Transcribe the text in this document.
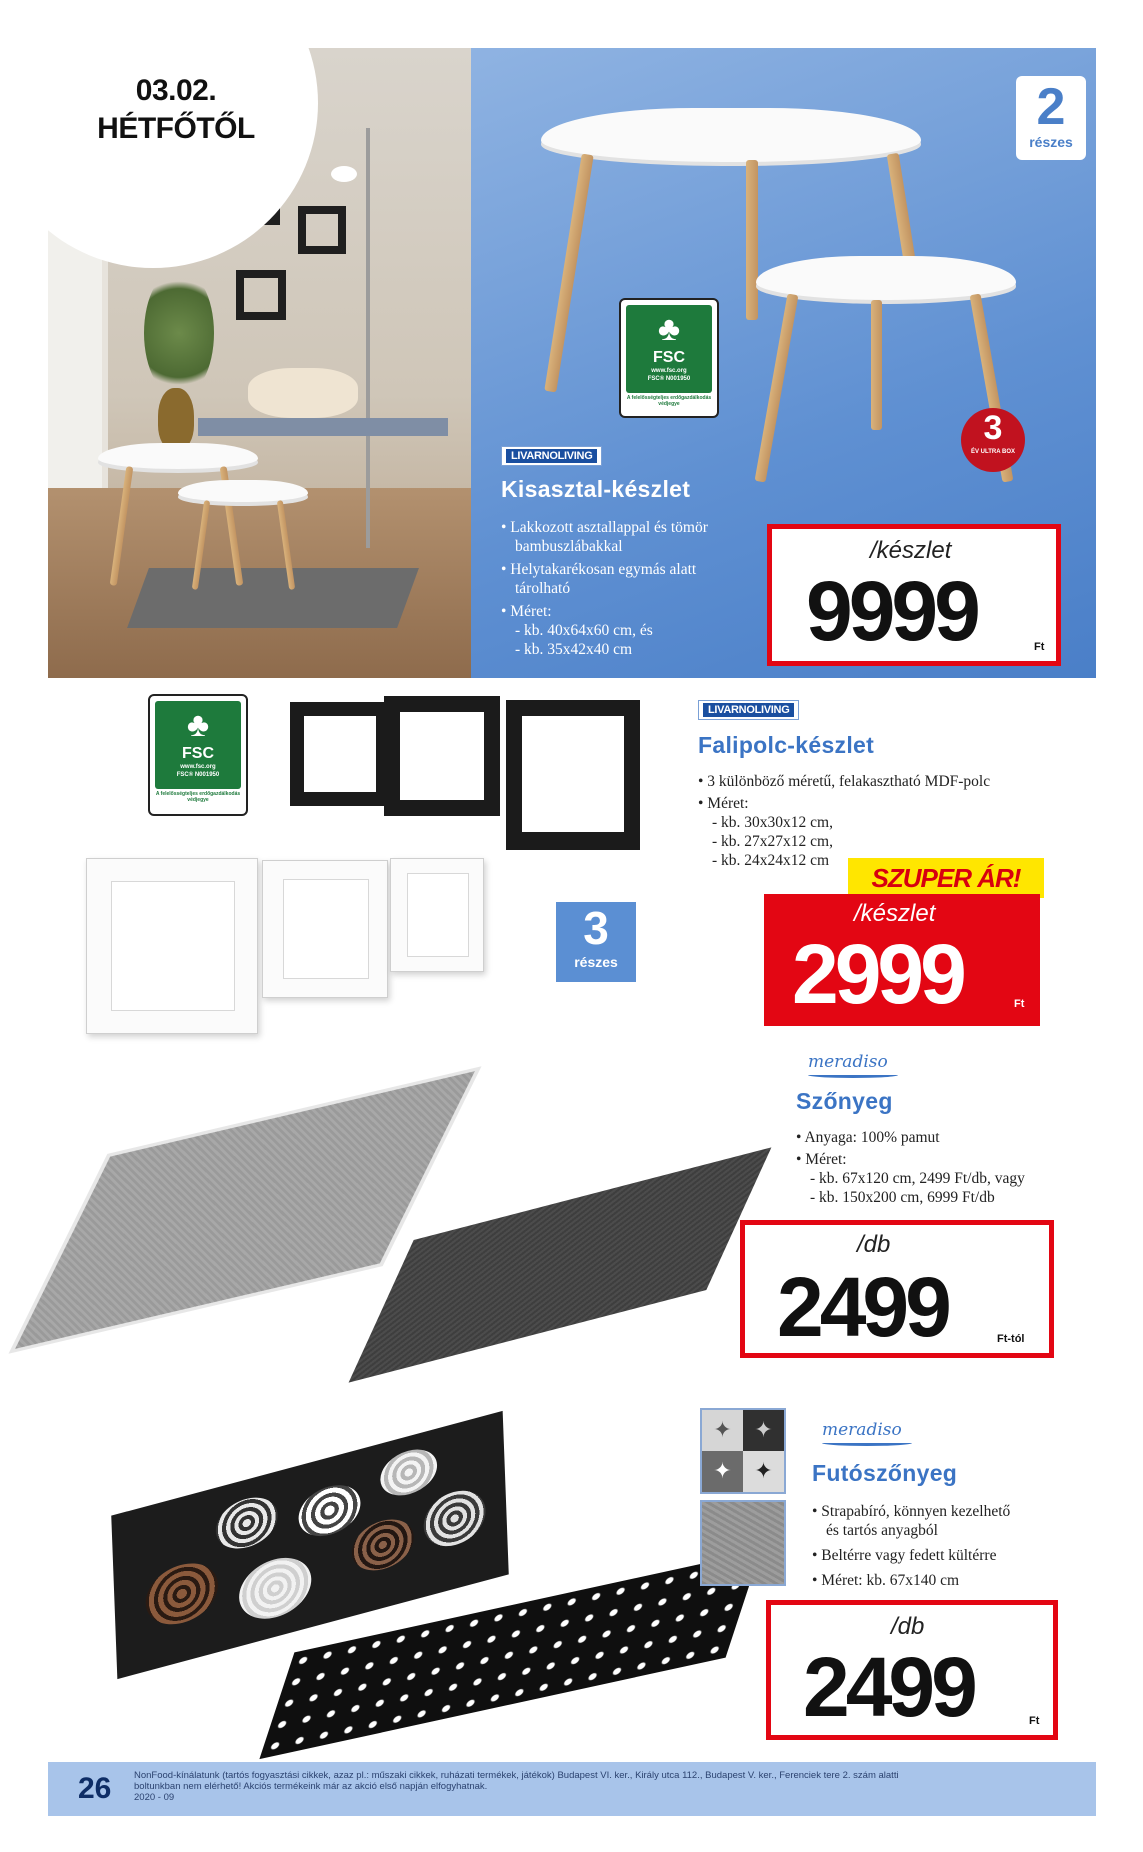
03.02.
HÉTFŐTŐL	2
részes
♣
FSC
www.fsc.org
FSC® N001950
A felelősségteljes erdőgazdálkodás védjegye
3
ÉV ULTRA BOX
LIVARNOLIVING
Kisasztal-készlet
• Lakkozott asztallappal és tömör
bambuszlábakkal
• Helytakarékosan egymás alatt
tárolható
• Méret:
- kb. 40x64x60 cm, és
- kb. 35x42x40 cm
/készlet
9999	Ft
♣
FSC
www.fsc.org
FSC® N001950
A felelősségteljes erdőgazdálkodás védjegye
3
részes
LIVARNOLIVING
Falipolc-készlet
• 3 különböző méretű, felakasztható MDF-polc
• Méret:
- kb. 30x30x12 cm,
- kb. 27x27x12 cm,
- kb. 24x24x12 cm
SZUPER ÁR!
/készlet
2999	Ft
meradiso
Szőnyeg
• Anyaga: 100% pamut
• Méret:
- kb. 67x120 cm, 2499 Ft/db, vagy
- kb. 150x200 cm, 6999 Ft/db
/db
2499	Ft-tól
✦	✦
✦	✦
meradiso
Futószőnyeg
• Strapabíró, könnyen kezelhető
és tartós anyagból
• Beltérre vagy fedett kültérre
• Méret: kb. 67x140 cm
/db
2499	Ft
26 NonFood-kínálatunk (tartós fogyasztási cikkek, azaz pl.: műszaki cikkek, ruházati termékek, játékok) Budapest VI. ker., Király utca 112., Budapest V. ker., Ferenciek tere 2. szám alatti
boltunkban nem elérhető! Akciós termékeink már az akció első napján elfogyhatnak.
2020 - 09
